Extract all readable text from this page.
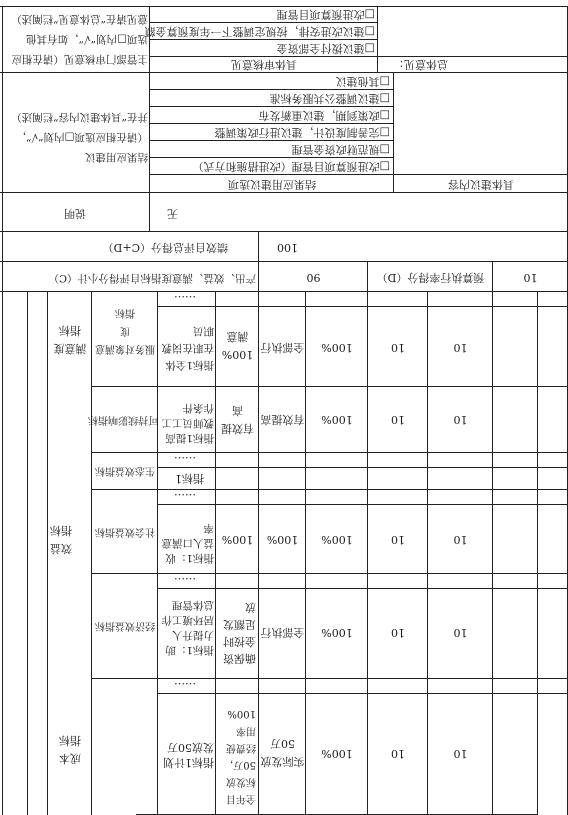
成本
指标
指标1计划
发放50万
全年目
标发放
50万，
经费使
用率
100%
实际发放
50万
100%	10	10
……
效益
指标
经济效益指标
指标1：助
力提升人
居环境工作
总体管理
确保资
金按时
足额发
放
全部执行	100%	10	10
……
社会效益指标
指标1：收
益人口满意
率
100%	100%	100%	10	10
……
生态效益指标
指标1
……
可持续影响指标
指标1提高
教师员工工
作条件
有效提
高
有效提高	100%	10	10
满意度
指标
服务对象满意度
指标
指标1全体
在职在岗教
职员
100%
满意
全部执行	100%	10	10
……
产出、效益、满意度指标自评得分小计（C）	90	预算执行率得分（D）	10
绩效自评总得分（C+D）	100
说明	无
结果应用建议
（请在相应选项□内划“√”，
并在“具体建议内容”栏阐述）
结果应用建议选项	具体建议内容
□改进预算项目管理（改进措施和方式）
□规范财政资金管理
□完善制度设计，建议进行政策调整
□政策到期，建议重新发布
□建议调整公共服务标准
□其他建议
主管部门审核意见（请在相应
选项□内划“√”，如有其他
意见请在“总体意见”栏阐述）
具体审核意见	总体意见：
□建议拨付全部资金
□建议改进安排，按规定调整下一年度预算金额
□改进预算项目管理
